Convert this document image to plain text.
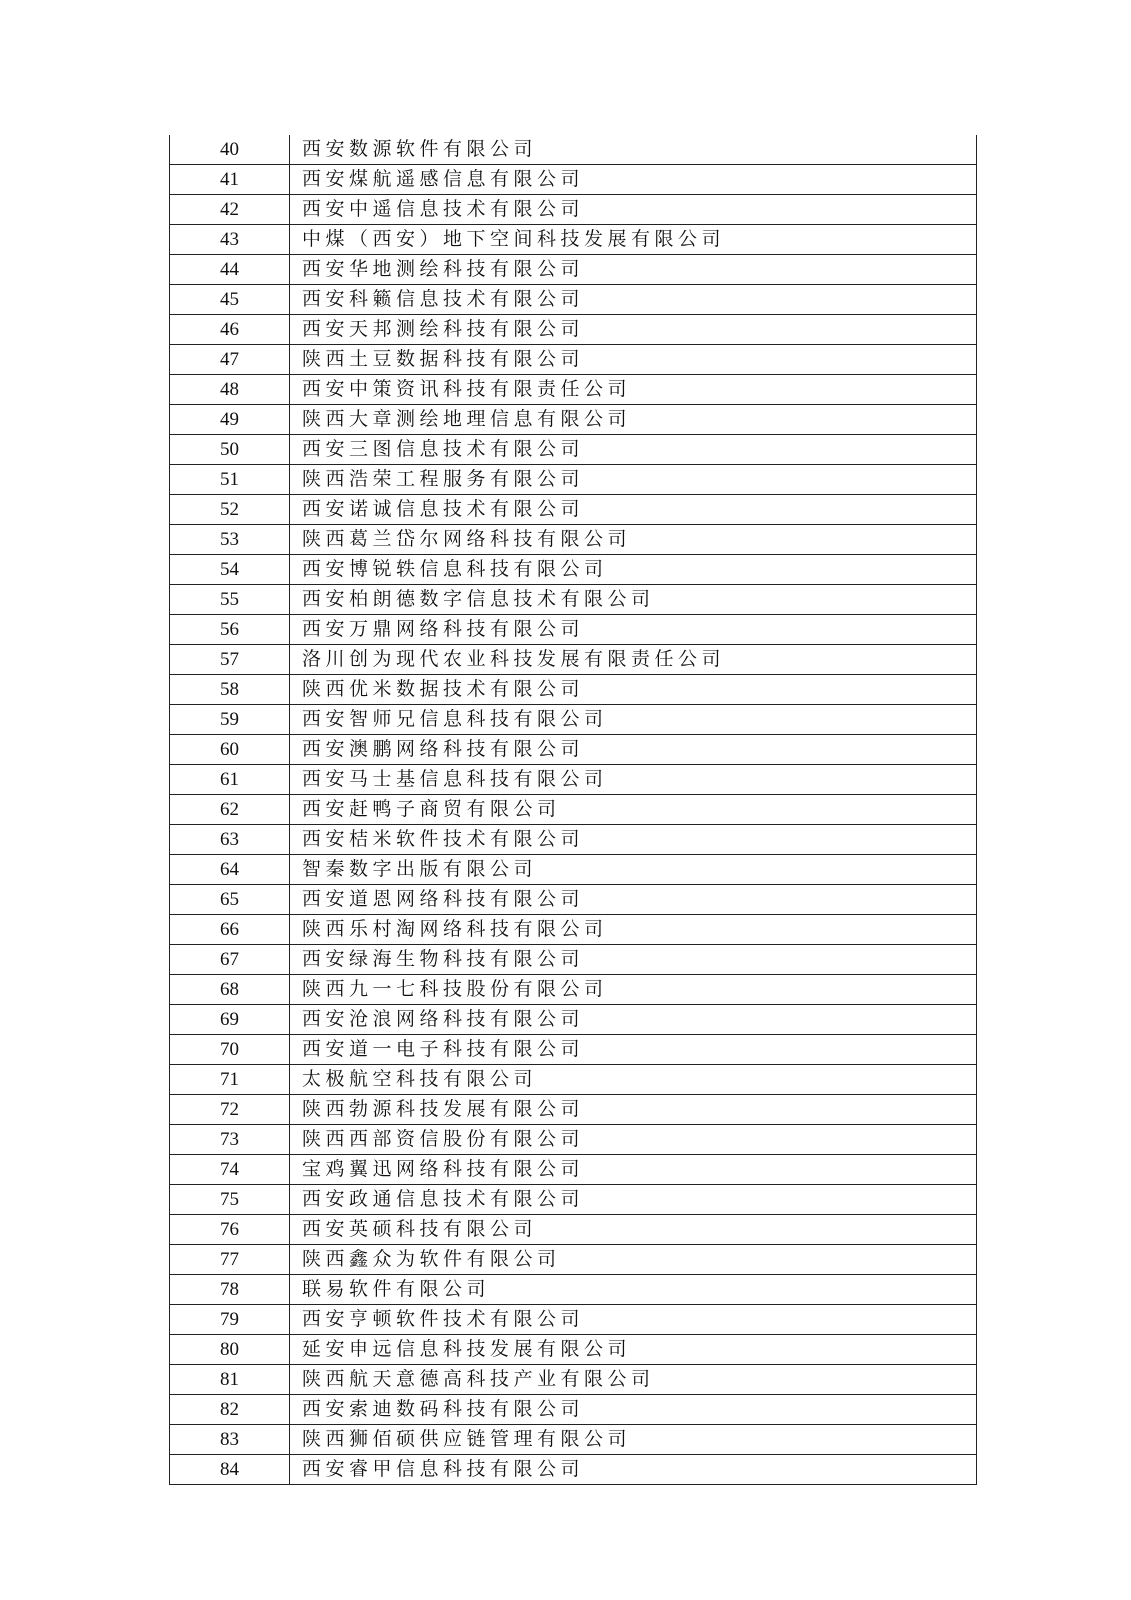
40	西安数源软件有限公司
41	西安煤航遥感信息有限公司
42	西安中遥信息技术有限公司
43	中煤（西安）地下空间科技发展有限公司
44	西安华地测绘科技有限公司
45	西安科籁信息技术有限公司
46	西安天邦测绘科技有限公司
47	陕西土豆数据科技有限公司
48	西安中策资讯科技有限责任公司
49	陕西大章测绘地理信息有限公司
50	西安三图信息技术有限公司
51	陕西浩荣工程服务有限公司
52	西安诺诚信息技术有限公司
53	陕西葛兰岱尔网络科技有限公司
54	西安博锐轶信息科技有限公司
55	西安柏朗德数字信息技术有限公司
56	西安万鼎网络科技有限公司
57	洛川创为现代农业科技发展有限责任公司
58	陕西优米数据技术有限公司
59	西安智师兄信息科技有限公司
60	西安澳鹏网络科技有限公司
61	西安马士基信息科技有限公司
62	西安赶鸭子商贸有限公司
63	西安桔米软件技术有限公司
64	智秦数字出版有限公司
65	西安道恩网络科技有限公司
66	陕西乐村淘网络科技有限公司
67	西安绿海生物科技有限公司
68	陕西九一七科技股份有限公司
69	西安沧浪网络科技有限公司
70	西安道一电子科技有限公司
71	太极航空科技有限公司
72	陕西勃源科技发展有限公司
73	陕西西部资信股份有限公司
74	宝鸡翼迅网络科技有限公司
75	西安政通信息技术有限公司
76	西安英硕科技有限公司
77	陕西鑫众为软件有限公司
78	联易软件有限公司
79	西安亨顿软件技术有限公司
80	延安申远信息科技发展有限公司
81	陕西航天意德高科技产业有限公司
82	西安索迪数码科技有限公司
83	陕西狮佰硕供应链管理有限公司
84	西安睿甲信息科技有限公司
